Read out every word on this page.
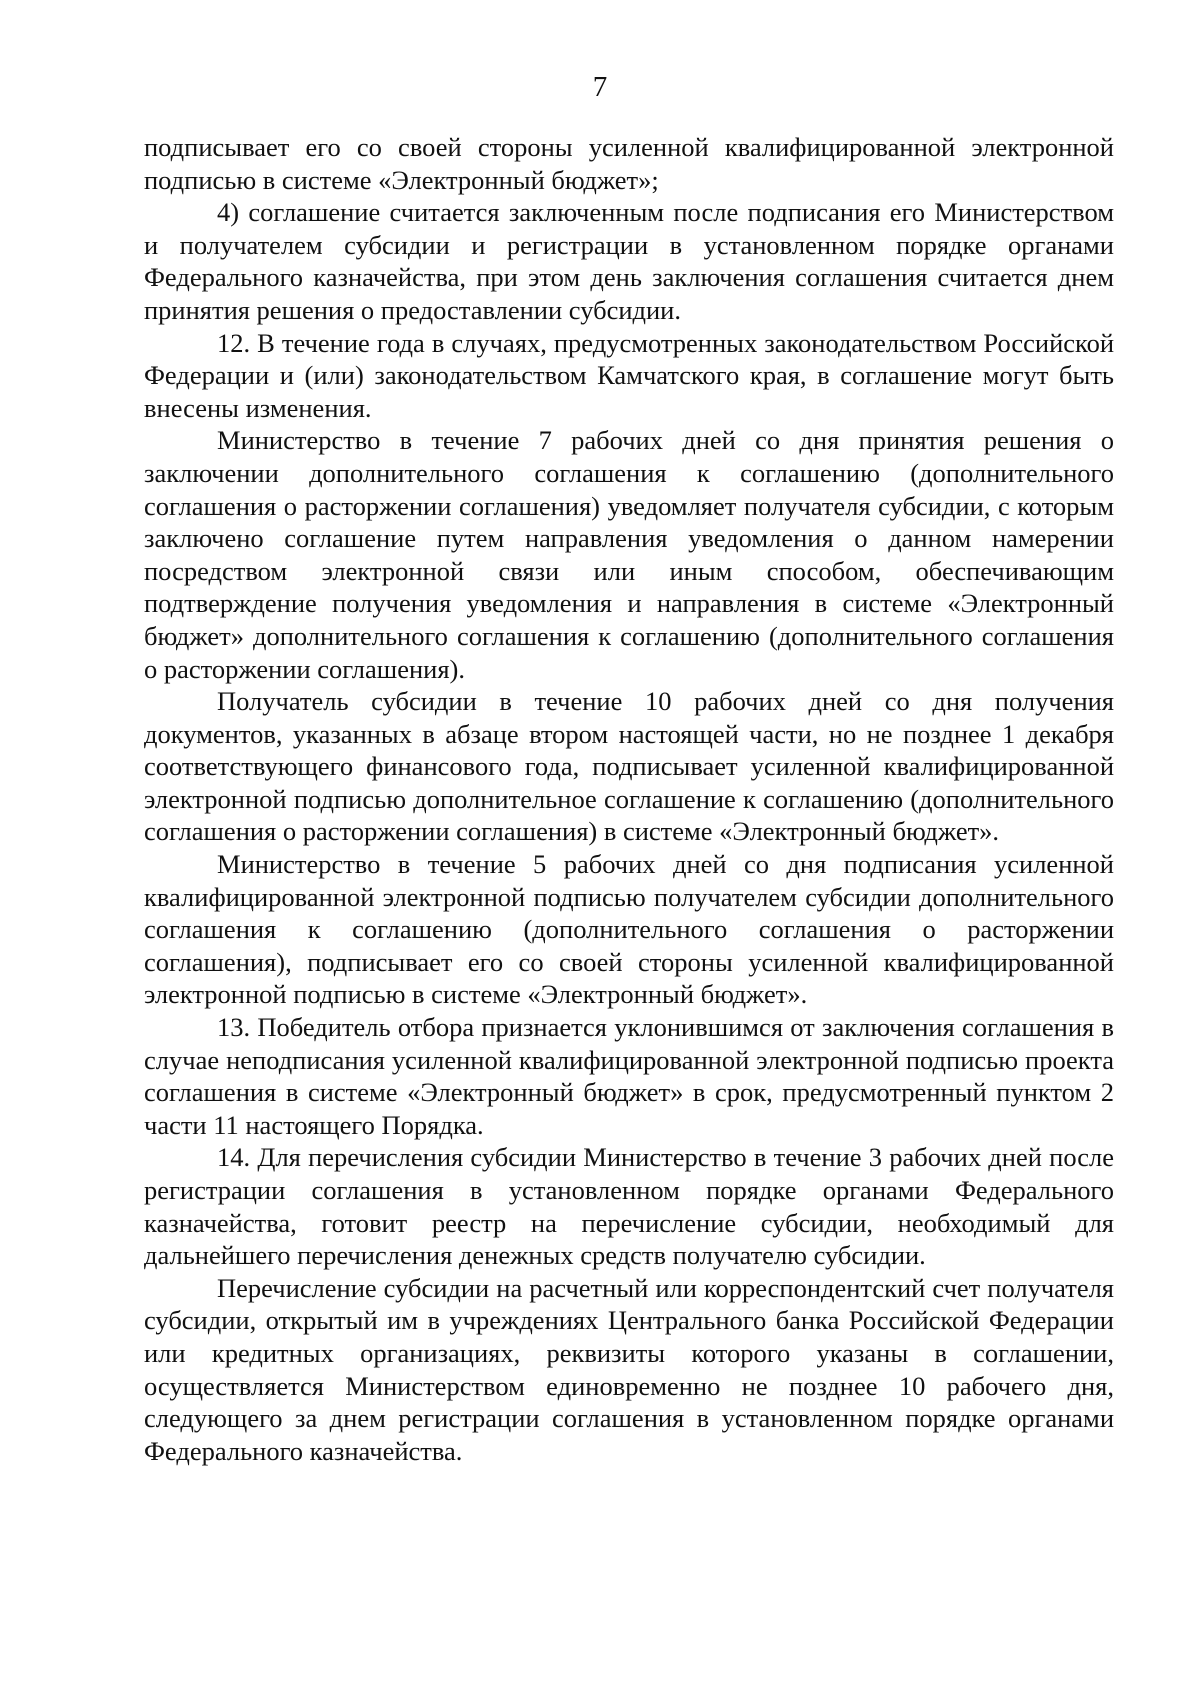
7

подписывает его со своей стороны усиленной квалифицированной электронной подписью в системе «Электронный бюджет»;

4) соглашение считается заключенным после подписания его Министерством и получателем субсидии и регистрации в установленном порядке органами Федерального казначейства, при этом день заключения соглашения считается днем принятия решения о предоставлении субсидии.

12. В течение года в случаях, предусмотренных законодательством Российской Федерации и (или) законодательством Камчатского края, в соглашение могут быть внесены изменения.

Министерство в течение 7 рабочих дней со дня принятия решения о заключении дополнительного соглашения к соглашению (дополнительного соглашения о расторжении соглашения) уведомляет получателя субсидии, с которым заключено соглашение путем направления уведомления о данном намерении посредством электронной связи или иным способом, обеспечивающим подтверждение получения уведомления и направления в системе «Электронный бюджет» дополнительного соглашения к соглашению (дополнительного соглашения о расторжении соглашения).

Получатель субсидии в течение 10 рабочих дней со дня получения документов, указанных в абзаце втором настоящей части, но не позднее 1 декабря соответствующего финансового года, подписывает усиленной квалифицированной электронной подписью дополнительное соглашение к соглашению (дополнительного соглашения о расторжении соглашения) в системе «Электронный бюджет».

Министерство в течение 5 рабочих дней со дня подписания усиленной квалифицированной электронной подписью получателем субсидии дополнительного соглашения к соглашению (дополнительного соглашения о расторжении соглашения), подписывает его со своей стороны усиленной квалифицированной электронной подписью в системе «Электронный бюджет».

13. Победитель отбора признается уклонившимся от заключения соглашения в случае неподписания усиленной квалифицированной электронной подписью проекта соглашения в системе «Электронный бюджет» в срок, предусмотренный пунктом 2 части 11 настоящего Порядка.

14. Для перечисления субсидии Министерство в течение 3 рабочих дней после регистрации соглашения в установленном порядке органами Федерального казначейства, готовит реестр на перечисление субсидии, необходимый для дальнейшего перечисления денежных средств получателю субсидии.

Перечисление субсидии на расчетный или корреспондентский счет получателя субсидии, открытый им в учреждениях Центрального банка Российской Федерации или кредитных организациях, реквизиты которого указаны в соглашении, осуществляется Министерством единовременно не позднее 10 рабочего дня, следующего за днем регистрации соглашения в установленном порядке органами Федерального казначейства.
